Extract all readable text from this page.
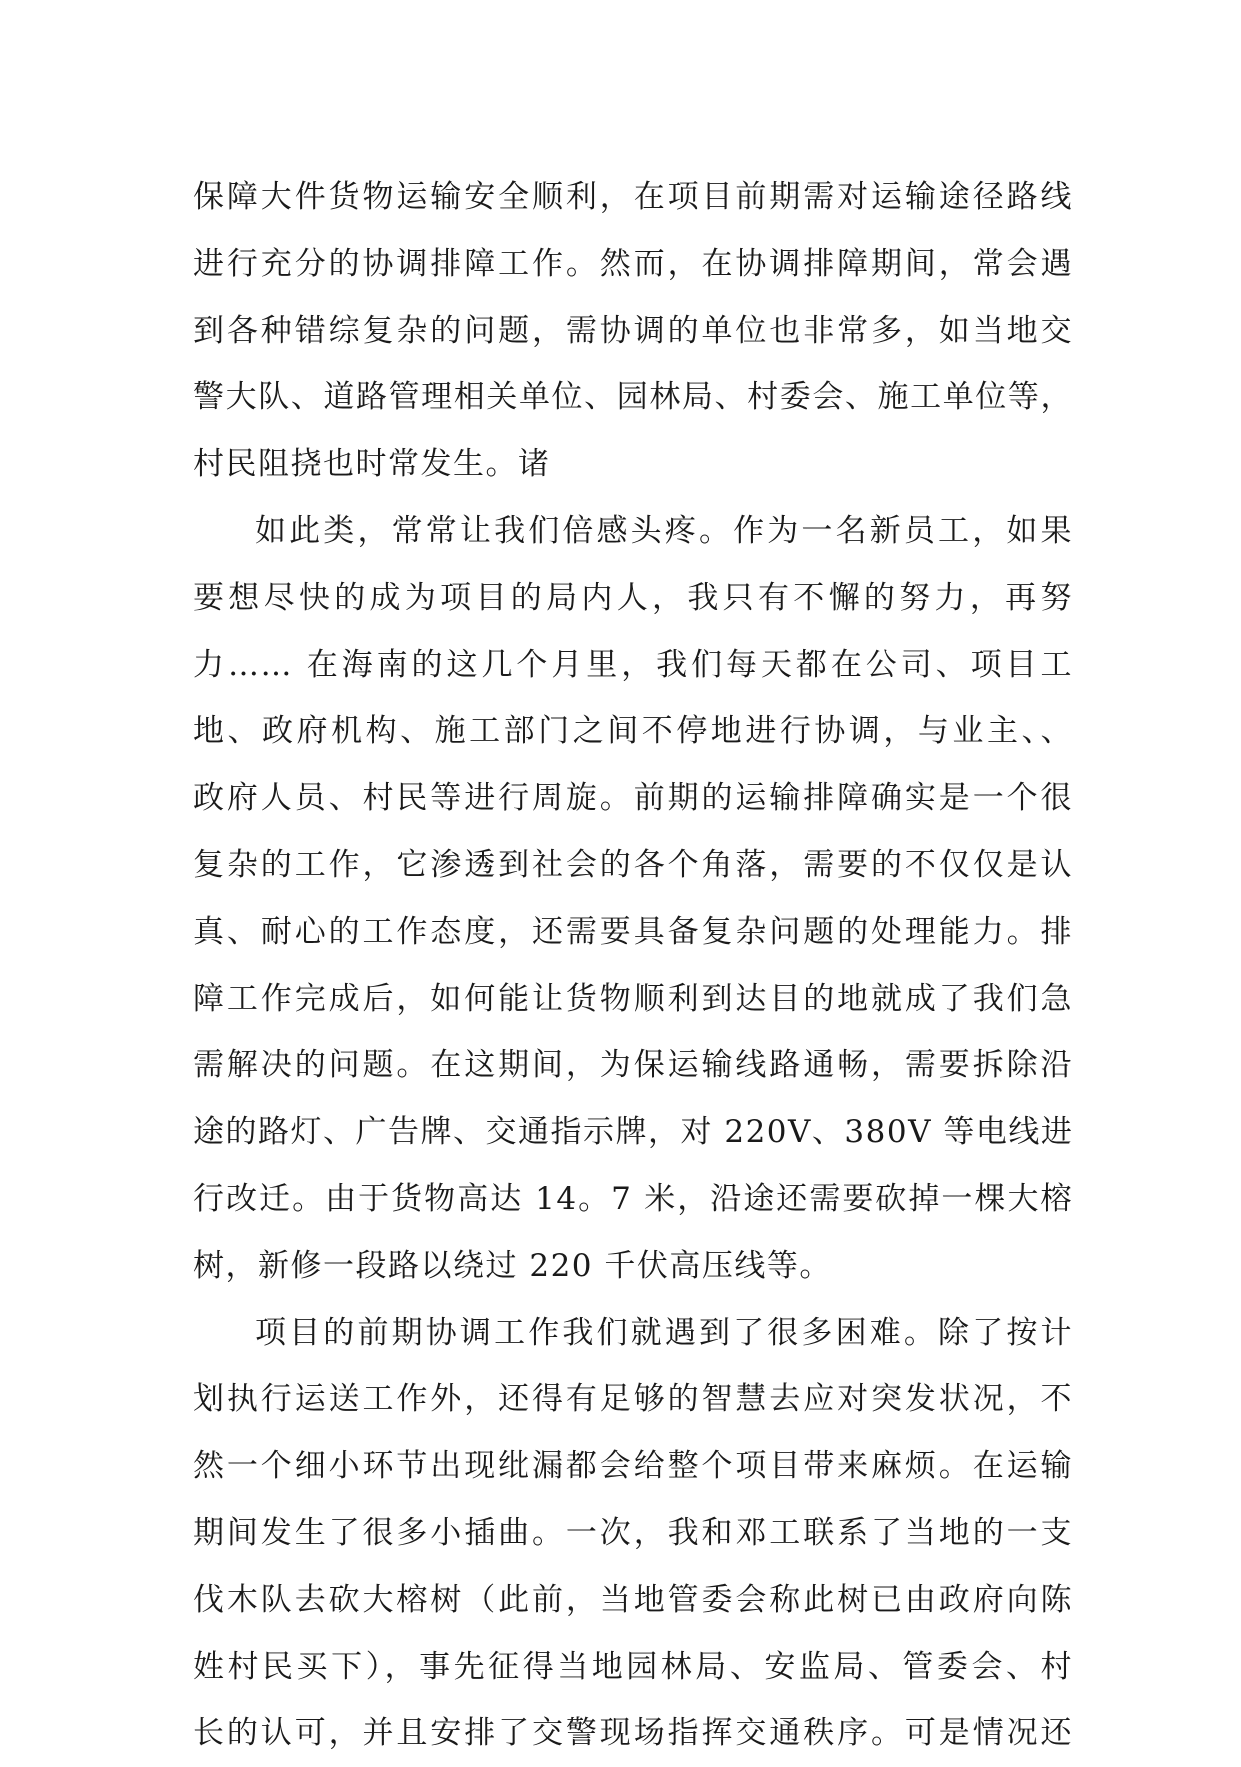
保障大件货物运输安全顺利，在项目前期需对运输途径路线
进行充分的协调排障工作。然而，在协调排障期间，常会遇
到各种错综复杂的问题，需协调的单位也非常多，如当地交
警大队、道路管理相关单位、园林局、村委会、施工单位等，
村民阻挠也时常发生。诸
如此类，常常让我们倍感头疼。作为一名新员工，如果
要想尽快的成为项目的局内人，我只有不懈的努力，再努
力…… 在海南的这几个月里，我们每天都在公司、项目工
地、政府机构、施工部门之间不停地进行协调，与业主、、
政府人员、村民等进行周旋。前期的运输排障确实是一个很
复杂的工作，它渗透到社会的各个角落，需要的不仅仅是认
真、耐心的工作态度，还需要具备复杂问题的处理能力。排
障工作完成后，如何能让货物顺利到达目的地就成了我们急
需解决的问题。在这期间，为保运输线路通畅，需要拆除沿
途的路灯、广告牌、交通指示牌，对 220V、380V 等电线进
行改迁。由于货物高达 14。7 米，沿途还需要砍掉一棵大榕
树，新修一段路以绕过 220 千伏高压线等。
项目的前期协调工作我们就遇到了很多困难。除了按计
划执行运送工作外，还得有足够的智慧去应对突发状况，不
然一个细小环节出现纰漏都会给整个项目带来麻烦。在运输
期间发生了很多小插曲。一次，我和邓工联系了当地的一支
伐木队去砍大榕树（此前，当地管委会称此树已由政府向陈
姓村民买下），事先征得当地园林局、安监局、管委会、村
长的认可，并且安排了交警现场指挥交通秩序。可是情况还
